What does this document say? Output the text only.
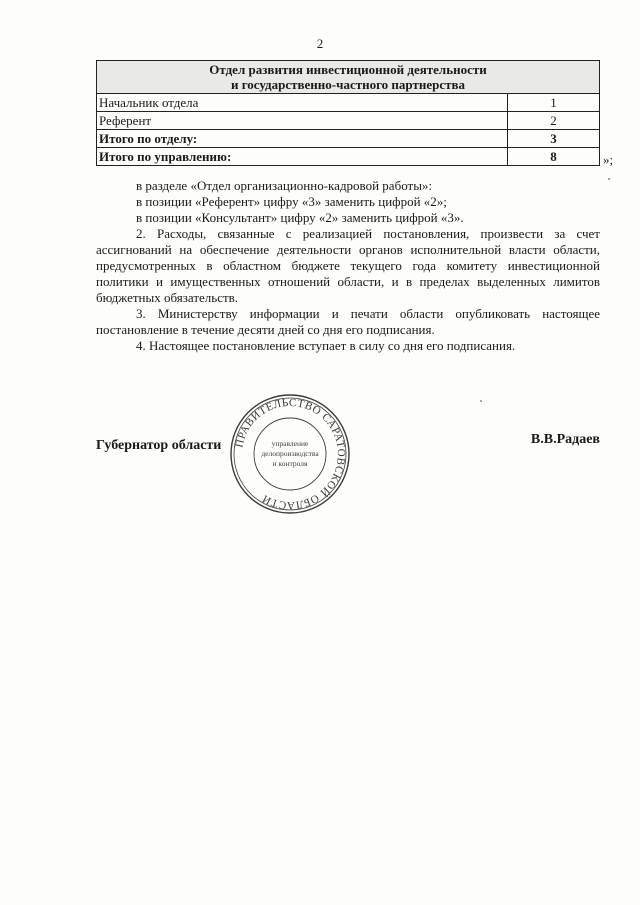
2
Отдел развития инвестиционной деятельности
и государственно-частного партнерства	

Начальник отдела	1
Референт	2
Итого по отделу:	3
Итого по управлению:	8	»;

в разделе «Отдел организационно-кадровой работы»:

в позиции «Референт» цифру «3» заменить цифрой «2»;

в позиции «Консультант» цифру «2» заменить цифрой «3».

2. Расходы, связанные с реализацией постановления, произвести за счет ассигнований на обеспечение деятельности органов исполнительной власти области, предусмотренных в областном бюджете текущего года комитету инвестиционной политики и имущественных отношений области, и в пределах выделенных лимитов бюджетных обязательств.

3. Министерству информации и печати области опубликовать настоящее постановление в течение десяти дней со дня его подписания.

4. Настоящее постановление вступает в силу со дня его подписания.

Губернатор области	В.В.Радаев
ПРАВИТЕЛЬСТВО САРАТОВСКОЙ ОБЛАСТИ
управление
делопроизводства
и контроля
